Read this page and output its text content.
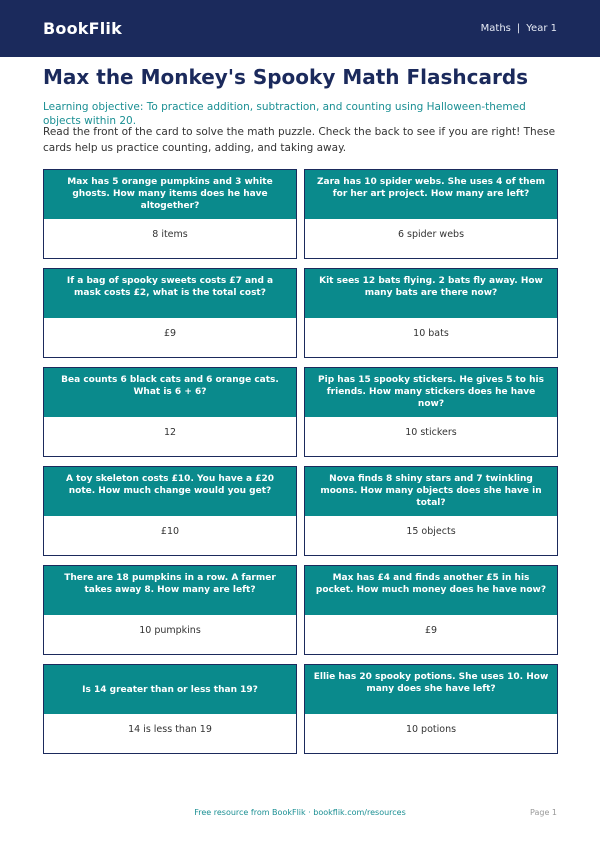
BookFlik	Maths | Year 1
Max the Monkey's Spooky Math Flashcards
Learning objective: To practice addition, subtraction, and counting using Halloween-themed objects within 20.
Read the front of the card to solve the math puzzle. Check the back to see if you are right! These cards help us practice counting, adding, and taking away.
Max has 5 orange pumpkins and 3 white ghosts. How many items does he have altogether?
8 items
Zara has 10 spider webs. She uses 4 of them for her art project. How many are left?
6 spider webs
If a bag of spooky sweets costs £7 and a mask costs £2, what is the total cost?
£9
Kit sees 12 bats flying. 2 bats fly away. How many bats are there now?
10 bats
Bea counts 6 black cats and 6 orange cats. What is 6 + 6?
12
Pip has 15 spooky stickers. He gives 5 to his friends. How many stickers does he have now?
10 stickers
A toy skeleton costs £10. You have a £20 note. How much change would you get?
£10
Nova finds 8 shiny stars and 7 twinkling moons. How many objects does she have in total?
15 objects
There are 18 pumpkins in a row. A farmer takes away 8. How many are left?
10 pumpkins
Max has £4 and finds another £5 in his pocket. How much money does he have now?
£9
Is 14 greater than or less than 19?
14 is less than 19
Ellie has 20 spooky potions. She uses 10. How many does she have left?
10 potions
Free resource from BookFlik · bookflik.com/resources	Page 1
